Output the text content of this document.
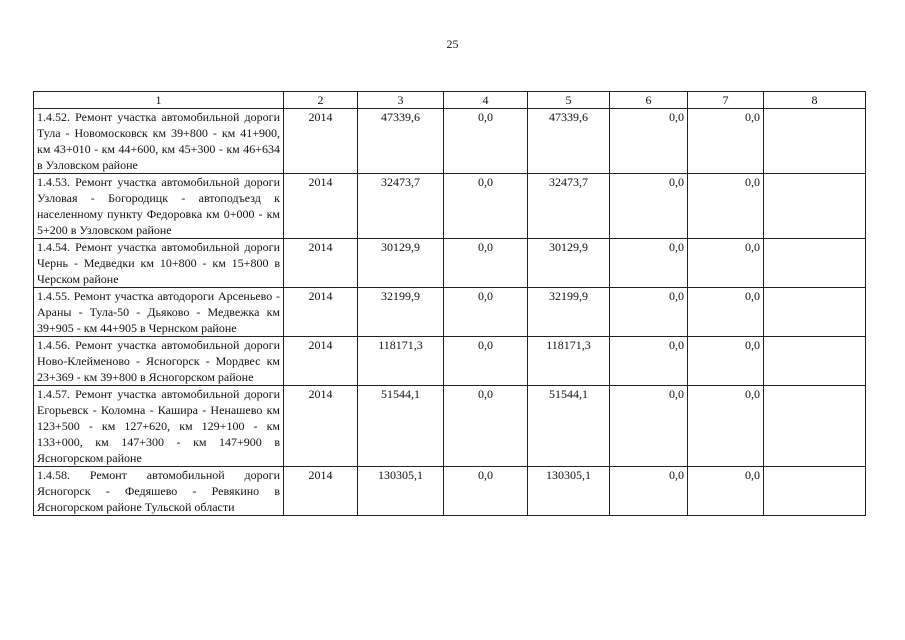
25
1	2	3	4	5	6	7	8
1.4.52. Ремонт участка автомобильной дороги Тула - Новомосковск км 39+800 - км 41+900, км 43+010 - км 44+600, км 45+300 - км 46+634 в Узловском районе	2014	47339,6	0,0	47339,6	0,0	0,0	
1.4.53. Ремонт участка автомобильной дороги Узловая - Богородицк - автоподъезд к населенному пункту Федоровка км 0+000 - км 5+200 в Узловском районе	2014	32473,7	0,0	32473,7	0,0	0,0	
1.4.54. Ремонт участка автомобильной дороги Чернь - Медведки км 10+800 - км 15+800 в Черском районе	2014	30129,9	0,0	30129,9	0,0	0,0	
1.4.55. Ремонт участка автодороги Арсеньево - Араны - Тула-50 - Дьяково - Медвежка км 39+905 - км 44+905 в Чернском районе	2014	32199,9	0,0	32199,9	0,0	0,0	
1.4.56. Ремонт участка автомобильной дороги Ново-Клейменово - Ясногорск - Мордвес км 23+369 - км 39+800 в Ясногорском районе	2014	118171,3	0,0	118171,3	0,0	0,0	
1.4.57. Ремонт участка автомобильной дороги Егорьевск - Коломна - Кашира - Ненашево км 123+500 - км 127+620, км 129+100 - км 133+000, км 147+300 - км 147+900 в Ясногорском районе	2014	51544,1	0,0	51544,1	0,0	0,0	
1.4.58. Ремонт автомобильной дороги Ясногорск - Федяшево - Ревякино в Ясногорском районе Тульской области	2014	130305,1	0,0	130305,1	0,0	0,0	
